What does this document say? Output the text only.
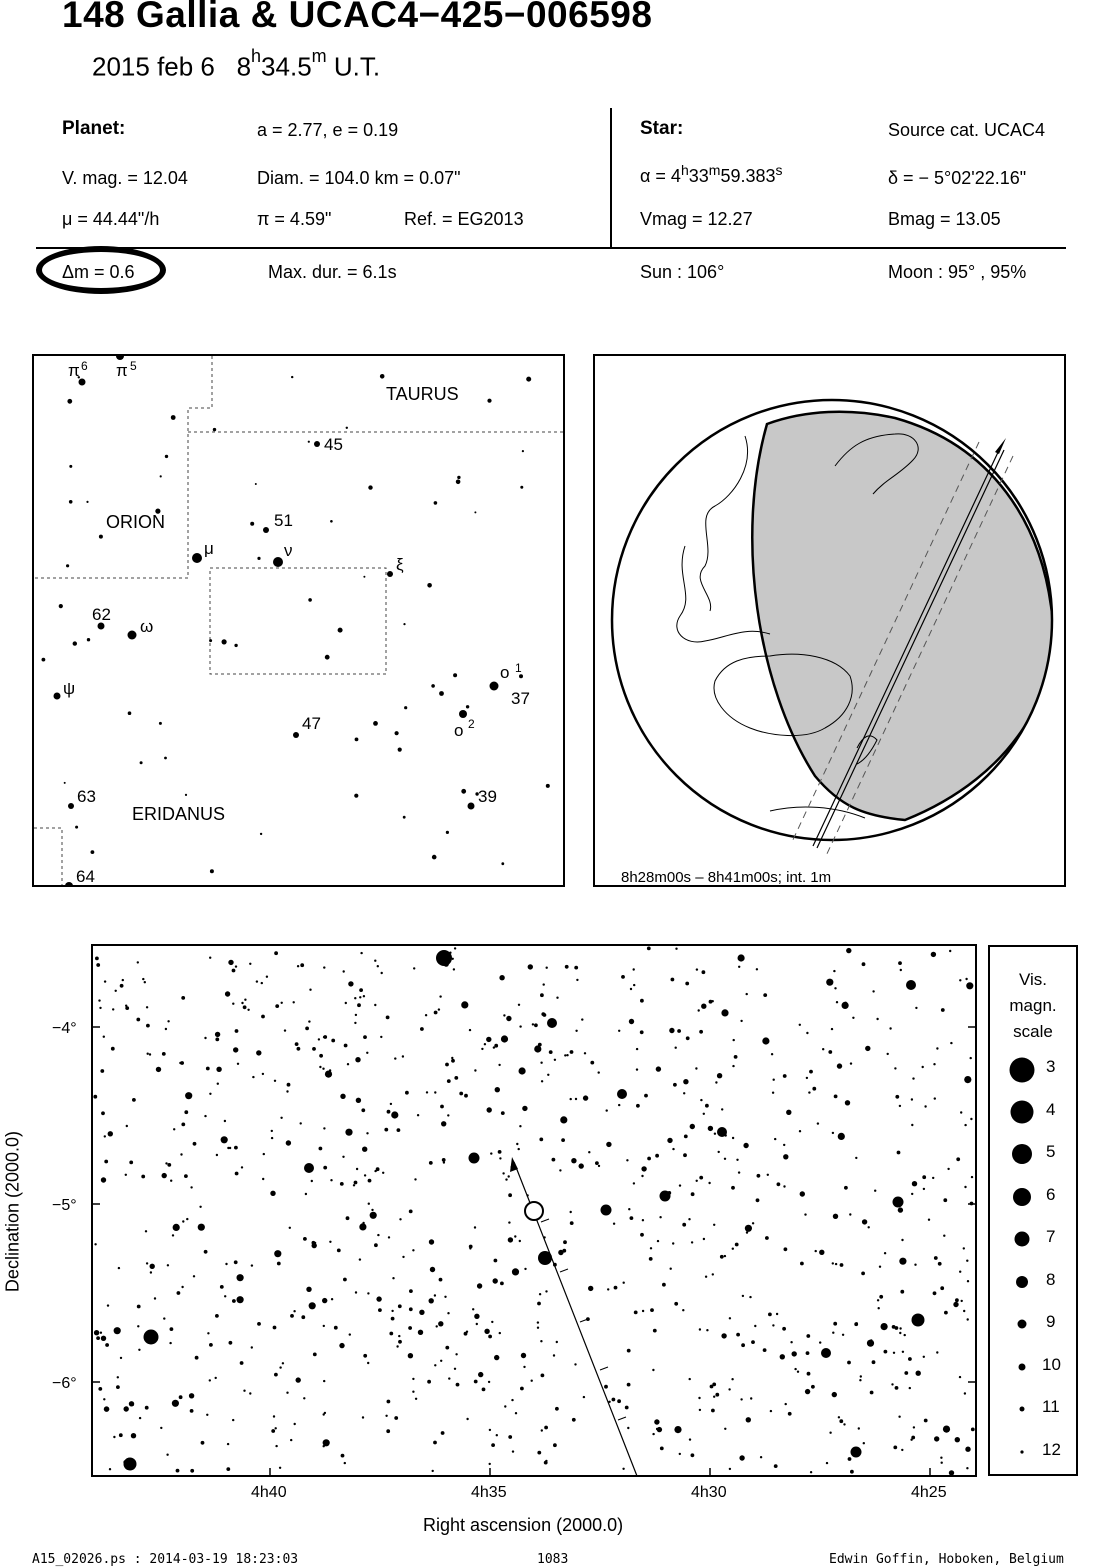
148 Gallia & UCAC4−425−006598
2015 feb 6 8$^h$34.5$^m$ U.T.
Planet:	a = 2.77, e = 0.19
V. mag. = 12.04	Diam. = 104.0 km = 0.07"
μ = 44.44"/h	π = 4.59"	Ref. = EG2013
Star:	Source cat. UCAC4
$\alpha = 4^h33^m59.383^s$	δ = − 5°02'22.16"
Vmag = 12.27	Bmag = 13.05
Δm = 0.6	Max. dur. = 6.1s	Sun : 106°	Moon : 95° , 95%
TAURUS
ORION
ERIDANUS
π 6 π 5
45
51
μ	ν
ξ
62
ω
ψ
o 1
37
47	o 2
63	39
64	8h28m00s – 8h41m00s; int. 1m
−4°
−5°
−6°
4h40	4h35	4h30	4h25
Right ascension (2000.0)
Declination (2000.0)
Vis.
magn.
scale
3
4
5
6
7
8
9
10
11
12
A15_02026.ps : 2014-03-19 18:23:03	1083	Edwin Goffin, Hoboken, Belgium
